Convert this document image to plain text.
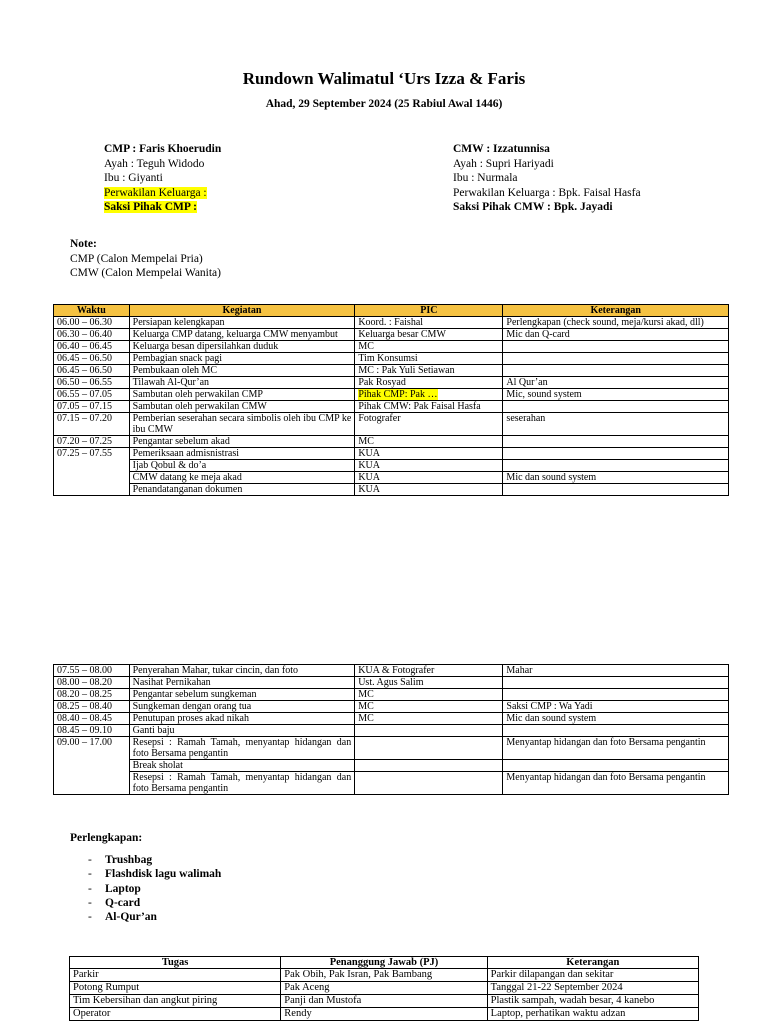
Rundown Walimatul ‘Urs Izza & Faris
Ahad, 29 September 2024 (25 Rabiul Awal 1446)
CMP : Faris Khoerudin
Ayah : Teguh Widodo
Ibu : Giyanti
Perwakilan Keluarga :
Saksi Pihak CMP :
CMW : Izzatunnisa
Ayah : Supri Hariyadi
Ibu : Nurmala
Perwakilan Keluarga : Bpk. Faisal Hasfa
Saksi Pihak CMW : Bpk. Jayadi
Note:
CMP (Calon Mempelai Pria)
CMW (Calon Mempelai Wanita)
Waktu	Kegiatan	PIC	Keterangan
06.00 – 06.30	Persiapan kelengkapan	Koord. : Faishal	Perlengkapan (check sound, meja/kursi akad, dll)
06.30 – 06.40	Keluarga CMP datang, keluarga CMW menyambut	Keluarga besar CMW	Mic dan Q-card
06.40 – 06.45	Keluarga besan dipersilahkan duduk	MC	
06.45 – 06.50	Pembagian snack pagi	Tim Konsumsi	
06.45 – 06.50	Pembukaan oleh MC	MC : Pak Yuli Setiawan	
06.50 – 06.55	Tilawah Al-Qur’an	Pak Rosyad	Al Qur’an
06.55 – 07.05	Sambutan oleh perwakilan CMP	Pihak CMP: Pak …	Mic, sound system
07.05 – 07.15	Sambutan oleh perwakilan CMW	Pihak CMW: Pak Faisal Hasfa	
07.15 – 07.20	Pemberian seserahan secara simbolis oleh ibu CMP ke ibu CMW	Fotografer	seserahan
07.20 – 07.25	Pengantar sebelum akad	MC	
07.25 – 07.55	Pemeriksaan admisnistrasi	KUA	
	Ijab Qobul & do’a	KUA	
	CMW datang ke meja akad	KUA	Mic dan sound system
	Penandatanganan dokumen	KUA	
07.55 – 08.00	Penyerahan Mahar, tukar cincin, dan foto	KUA & Fotografer	Mahar
08.00 – 08.20	Nasihat Pernikahan	Ust. Agus Salim	
08.20 – 08.25	Pengantar sebelum sungkeman	MC	
08.25 – 08.40	Sungkeman dengan orang tua	MC	Saksi CMP : Wa Yadi
08.40 – 08.45	Penutupan proses akad nikah	MC	Mic dan sound system
08.45 – 09.10	Ganti baju		
09.00 – 17.00	Resepsi : Ramah Tamah, menyantap hidangan dan foto Bersama pengantin		Menyantap hidangan dan foto Bersama pengantin
	Break sholat		
	Resepsi : Ramah Tamah, menyantap hidangan dan foto Bersama pengantin		Menyantap hidangan dan foto Bersama pengantin
Perlengkapan:
- Trushbag
- Flashdisk lagu walimah
- Laptop
- Q-card
- Al-Qur’an
Tugas	Penanggung Jawab (PJ)	Keterangan
Parkir	Pak Obih, Pak Isran, Pak Bambang	Parkir dilapangan dan sekitar
Potong Rumput	Pak Aceng	Tanggal 21-22 September 2024
Tim Kebersihan dan angkut piring	Panji dan Mustofa	Plastik sampah, wadah besar, 4 kanebo
Operator	Rendy	Laptop, perhatikan waktu adzan
